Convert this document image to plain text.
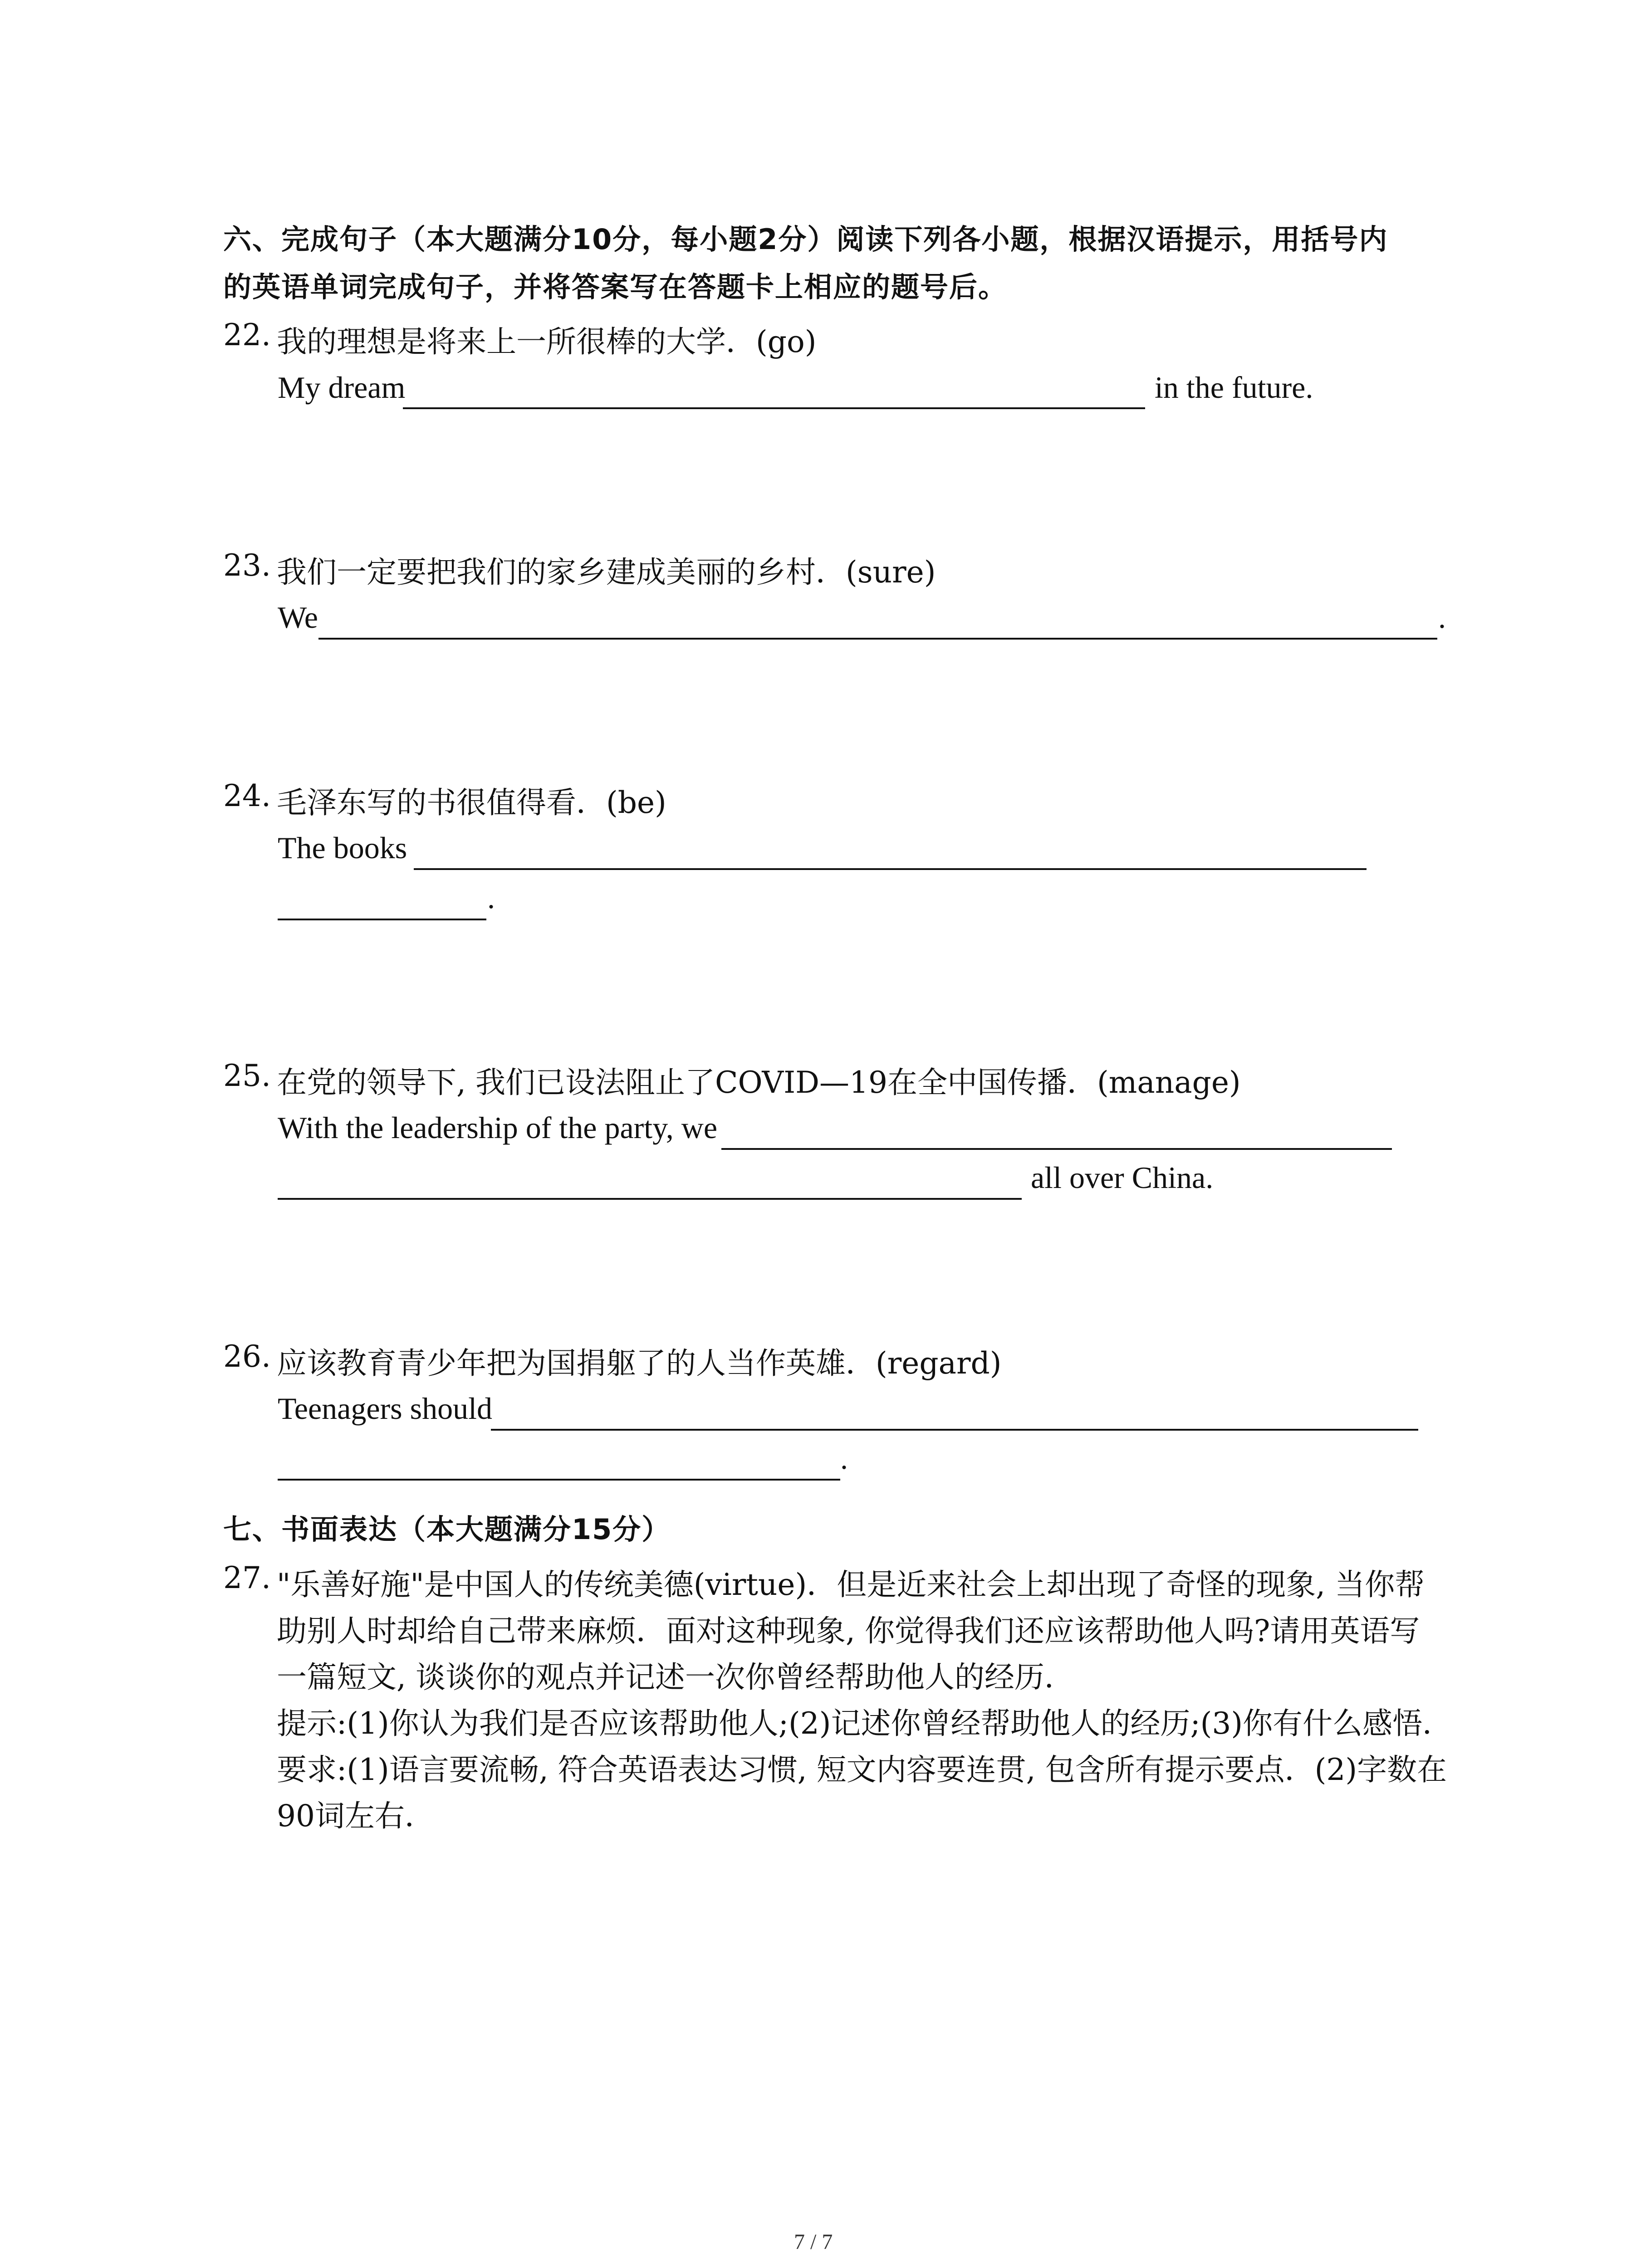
六、完成句子（本大题满分10分，每小题2分）阅读下列各小题，根据汉语提示，用括号内
的英语单词完成句子，并将答案写在答题卡上相应的题号后。
22. 我的理想是将来上一所很棒的大学．(go)
My dream	in the future.
23. 我们一定要把我们的家乡建成美丽的乡村．(sure)
We	.
24. 毛泽东写的书很值得看．(be)
The books
.
25. 在党的领导下, 我们已设法阻止了COVID—19在全中国传播．(manage)
With the leadership of the party, we
all over China.
26. 应该教育青少年把为国捐躯了的人当作英雄．(regard)
Teenagers should
.
七、书面表达（本大题满分15分）
27. "乐善好施"是中国人的传统美德(virtue)．但是近来社会上却出现了奇怪的现象, 当你帮
助别人时却给自己带来麻烦．面对这种现象, 你觉得我们还应该帮助他人吗?请用英语写
一篇短文, 谈谈你的观点并记述一次你曾经帮助他人的经历．
提示:(1)你认为我们是否应该帮助他人;(2)记述你曾经帮助他人的经历;(3)你有什么感悟．
要求:(1)语言要流畅, 符合英语表达习惯, 短文内容要连贯, 包含所有提示要点．(2)字数在
90词左右．
7 / 7
